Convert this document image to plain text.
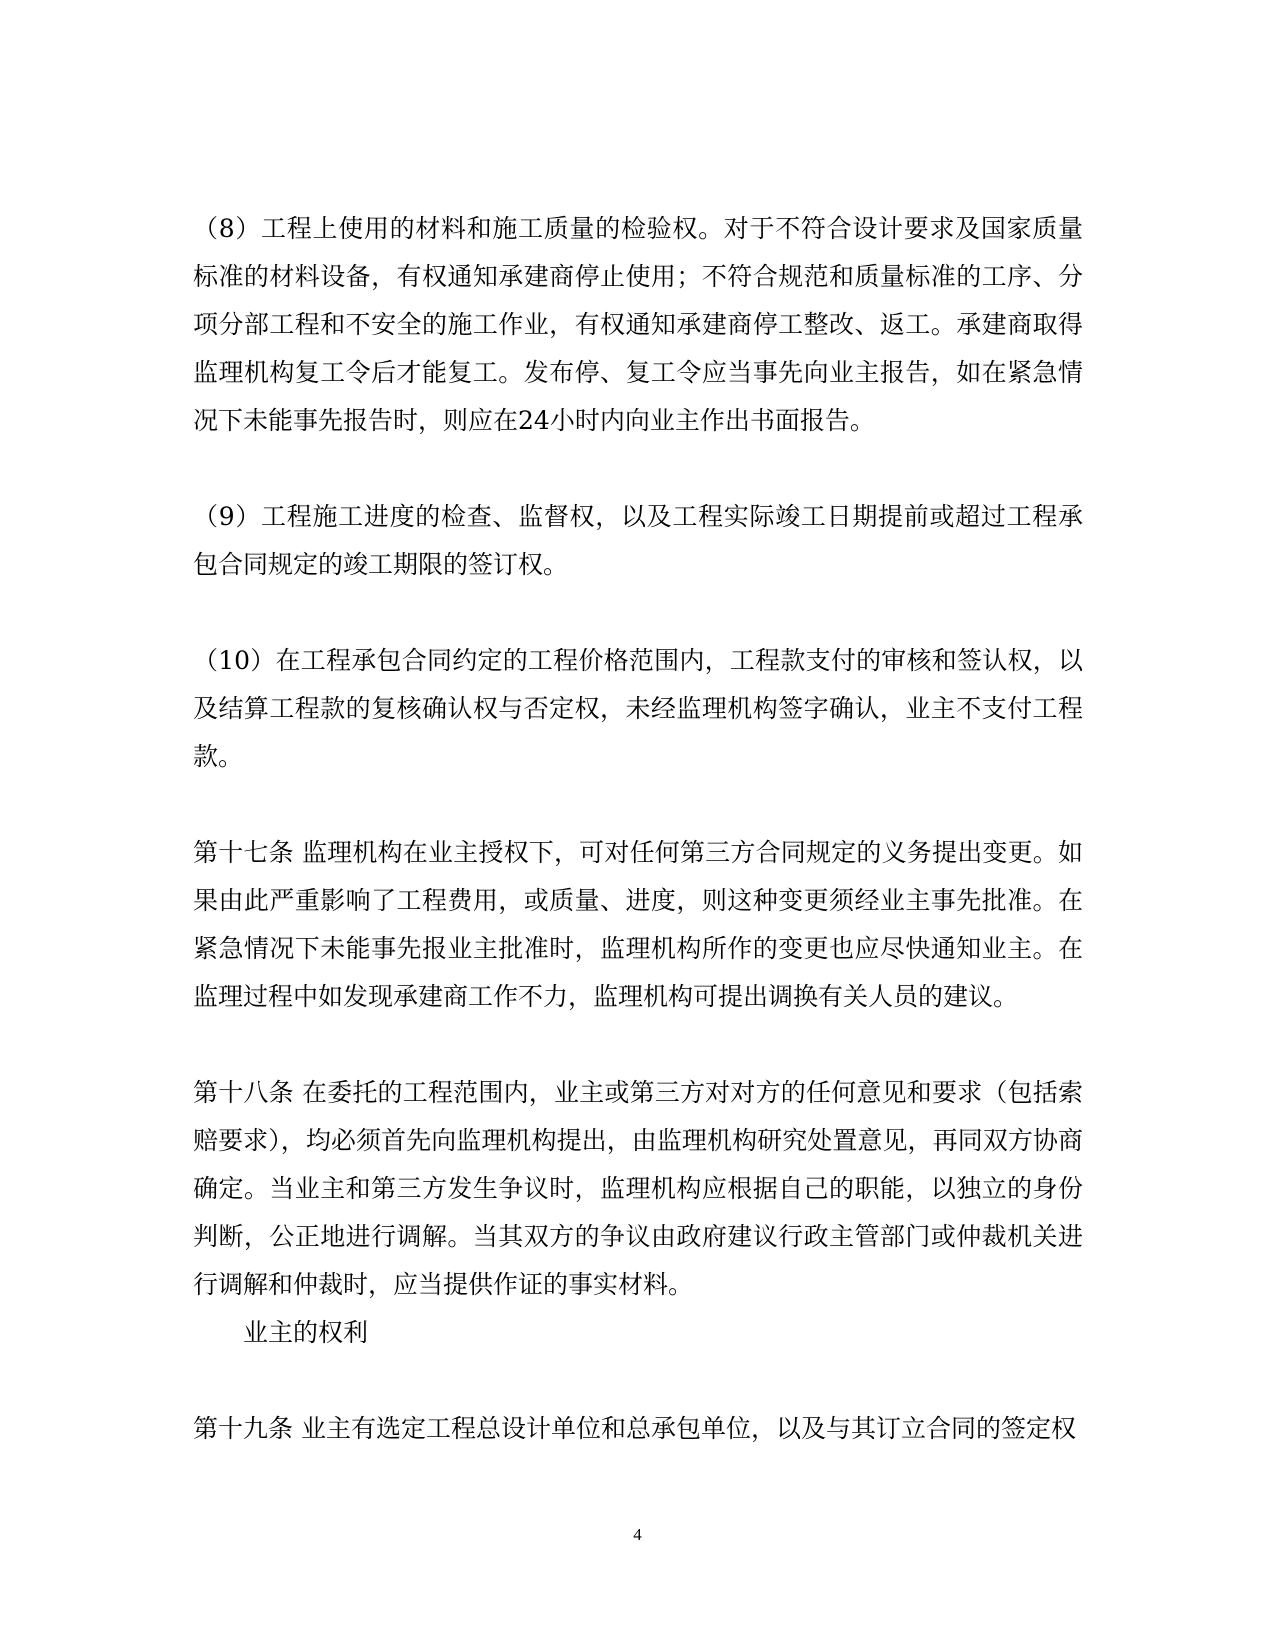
（8）工程上使用的材料和施工质量的检验权。对于不符合设计要求及国家质量标准的材料设备，有权通知承建商停止使用；不符合规范和质量标准的工序、分项分部工程和不安全的施工作业，有权通知承建商停工整改、返工。承建商取得监理机构复工令后才能复工。发布停、复工令应当事先向业主报告，如在紧急情况下未能事先报告时，则应在24小时内向业主作出书面报告。

（9）工程施工进度的检查、监督权，以及工程实际竣工日期提前或超过工程承包合同规定的竣工期限的签订权。

（10）在工程承包合同约定的工程价格范围内，工程款支付的审核和签认权，以及结算工程款的复核确认权与否定权，未经监理机构签字确认，业主不支付工程款。

第十七条 监理机构在业主授权下，可对任何第三方合同规定的义务提出变更。如果由此严重影响了工程费用，或质量、进度，则这种变更须经业主事先批准。在紧急情况下未能事先报业主批准时，监理机构所作的变更也应尽快通知业主。在监理过程中如发现承建商工作不力，监理机构可提出调换有关人员的建议。

第十八条 在委托的工程范围内，业主或第三方对对方的任何意见和要求（包括索赔要求），均必须首先向监理机构提出，由监理机构研究处置意见，再同双方协商确定。当业主和第三方发生争议时，监理机构应根据自己的职能，以独立的身份判断，公正地进行调解。当其双方的争议由政府建议行政主管部门或仲裁机关进行调解和仲裁时，应当提供作证的事实材料。

业主的权利

第十九条 业主有选定工程总设计单位和总承包单位，以及与其订立合同的签定权

4
